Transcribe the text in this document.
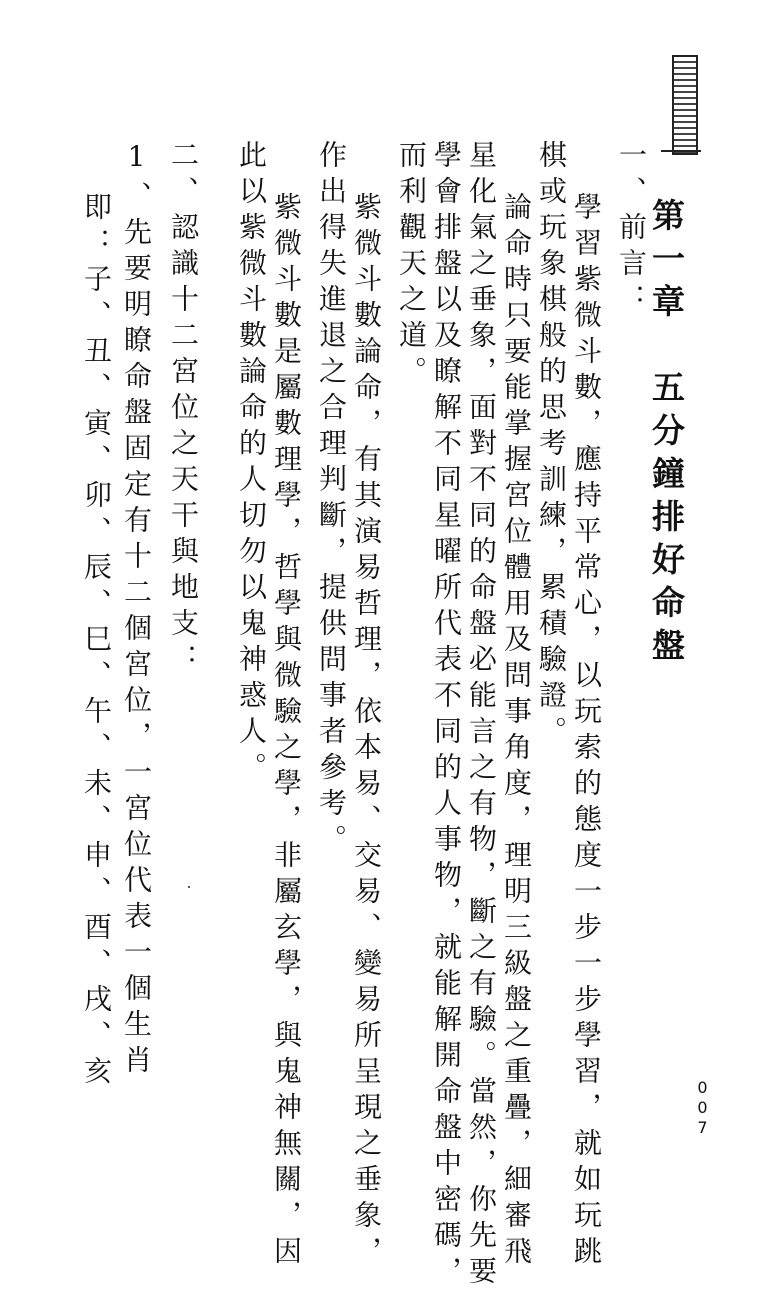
第一章　五分鐘排好命盤
一、前言：
學習紫微斗數，應持平常心，以玩索的態度一步一步學習，就如玩跳
棋或玩象棋般的思考訓練，累積驗證。
論命時只要能掌握宮位體用及問事角度，理明三級盤之重疊，細審飛
星化氣之垂象，面對不同的命盤必能言之有物，斷之有驗。當然，你先要
學會排盤以及瞭解不同星曜所代表不同的人事物，就能解開命盤中密碼，
而利觀天之道。
紫微斗數論命，有其演易哲理，依本易、交易、變易所呈現之垂象，
作出得失進退之合理判斷，提供問事者參考。
紫微斗數是屬數理學，哲學與微驗之學，非屬玄學，與鬼神無關，因
此以紫微斗數論命的人切勿以鬼神惑人。
二、認識十二宮位之天干與地支：
1、先要明瞭命盤固定有十二個宮位，一宮位代表一個生肖
即：子、丑、寅、卯、辰、巳、午、未、申、酉、戌、亥
007
